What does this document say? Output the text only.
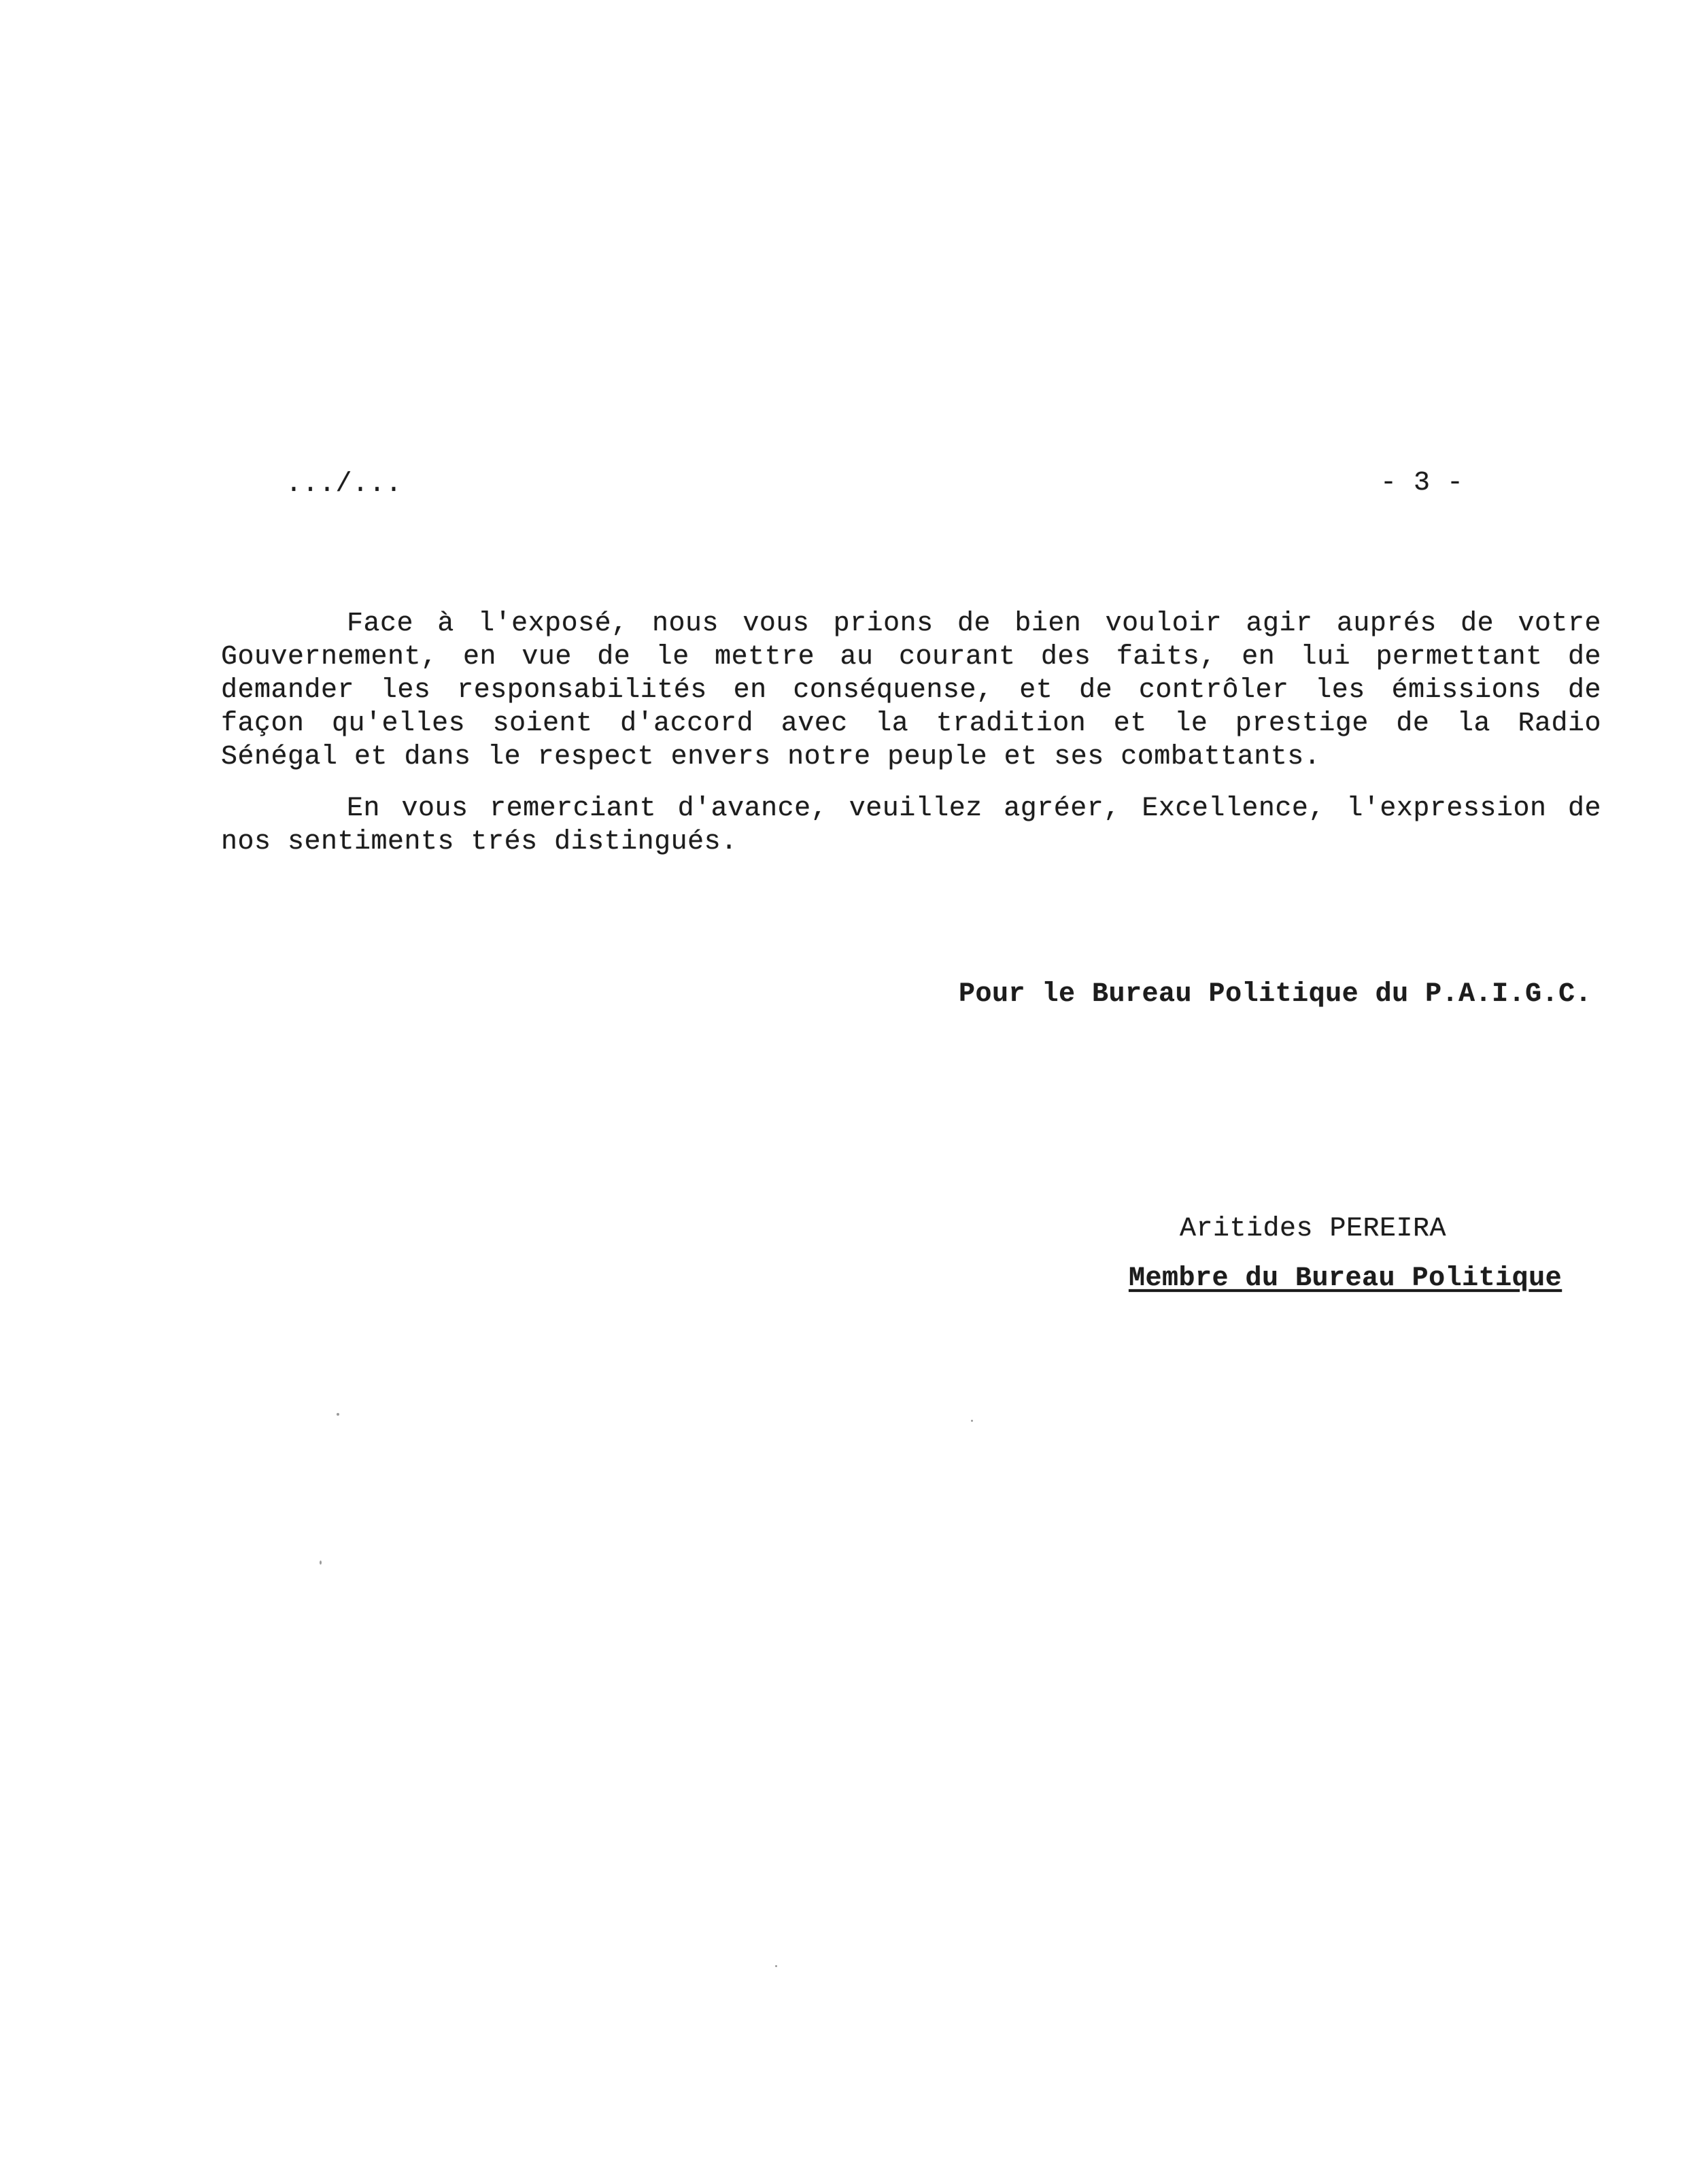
.../...	- 3 -

Face à l'exposé, nous vous prions de bien vouloir agir auprés de votre Gouvernement, en vue de le mettre au courant des faits, en lui permettant de demander les responsabilités en conséquense, et de contrôler les émissions de façon qu'elles soient d'accord avec la tradition et le prestige de la Radio Sénégal et dans le respect envers notre peuple et ses combattants.

En vous remerciant d'avance, veuillez agréer, Excellence, l'expression de nos sentiments trés distingués.

Pour le Bureau Politique du P.A.I.G.C.
Aritides PEREIRA
Membre du Bureau Politique
